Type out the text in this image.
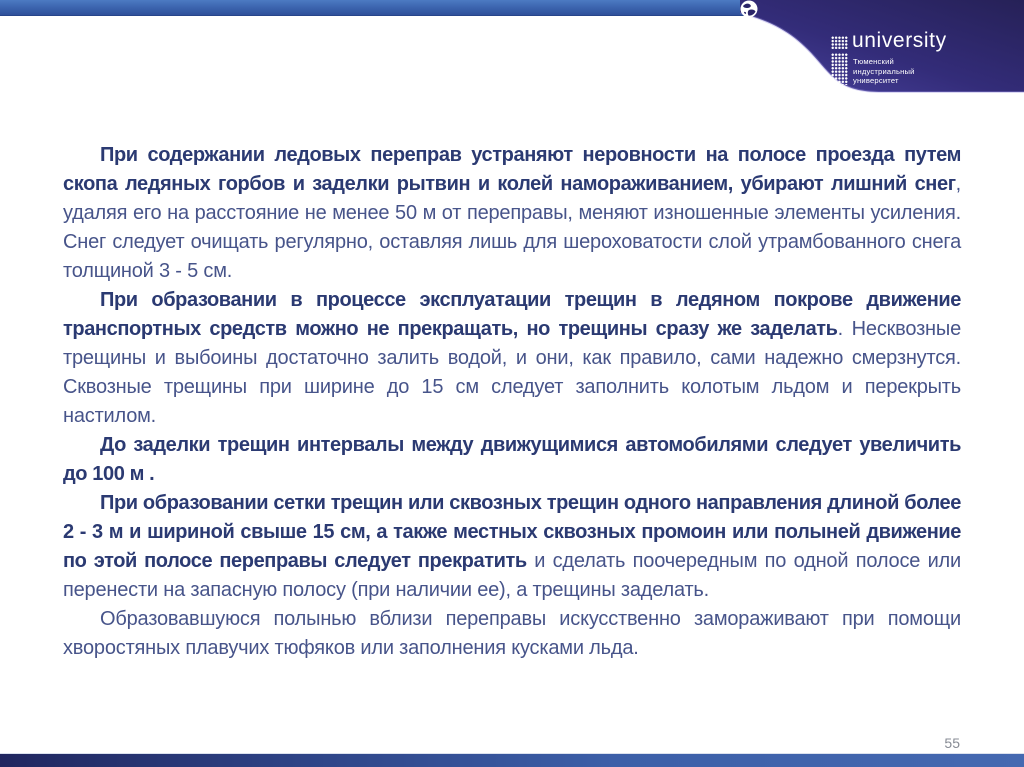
university
Тюменский
индустриальный
университет

При содержании ледовых переправ устраняют неровности на полосе проезда путем скопа ледяных горбов и заделки рытвин и колей намораживанием, убирают лишний снег, удаляя его на расстояние не менее 50 м от переправы, меняют изношенные элементы усиления. Снег следует очищать регулярно, оставляя лишь для шероховатости слой утрамбованного снега толщиной 3 - 5 см.

При образовании в процессе эксплуатации трещин в ледяном покрове движение транспортных средств можно не прекращать, но трещины сразу же заделать. Несквозные трещины и выбоины достаточно залить водой, и они, как правило, сами надежно смерзнутся. Сквозные трещины при ширине до 15 см следует заполнить колотым льдом и перекрыть настилом.

До заделки трещин интервалы между движущимися автомобилями следует увеличить до 100 м .

При образовании сетки трещин или сквозных трещин одного направления длиной более 2 - 3 м и шириной свыше 15 см, а также местных сквозных промоин или полыней движение по этой полосе переправы следует прекратить и сделать поочередным по одной полосе или перенести на запасную полосу (при наличии ее), а трещины заделать.

Образовавшуюся полынью вблизи переправы искусственно замораживают при помощи хворостяных плавучих тюфяков или заполнения кусками льда.

55
